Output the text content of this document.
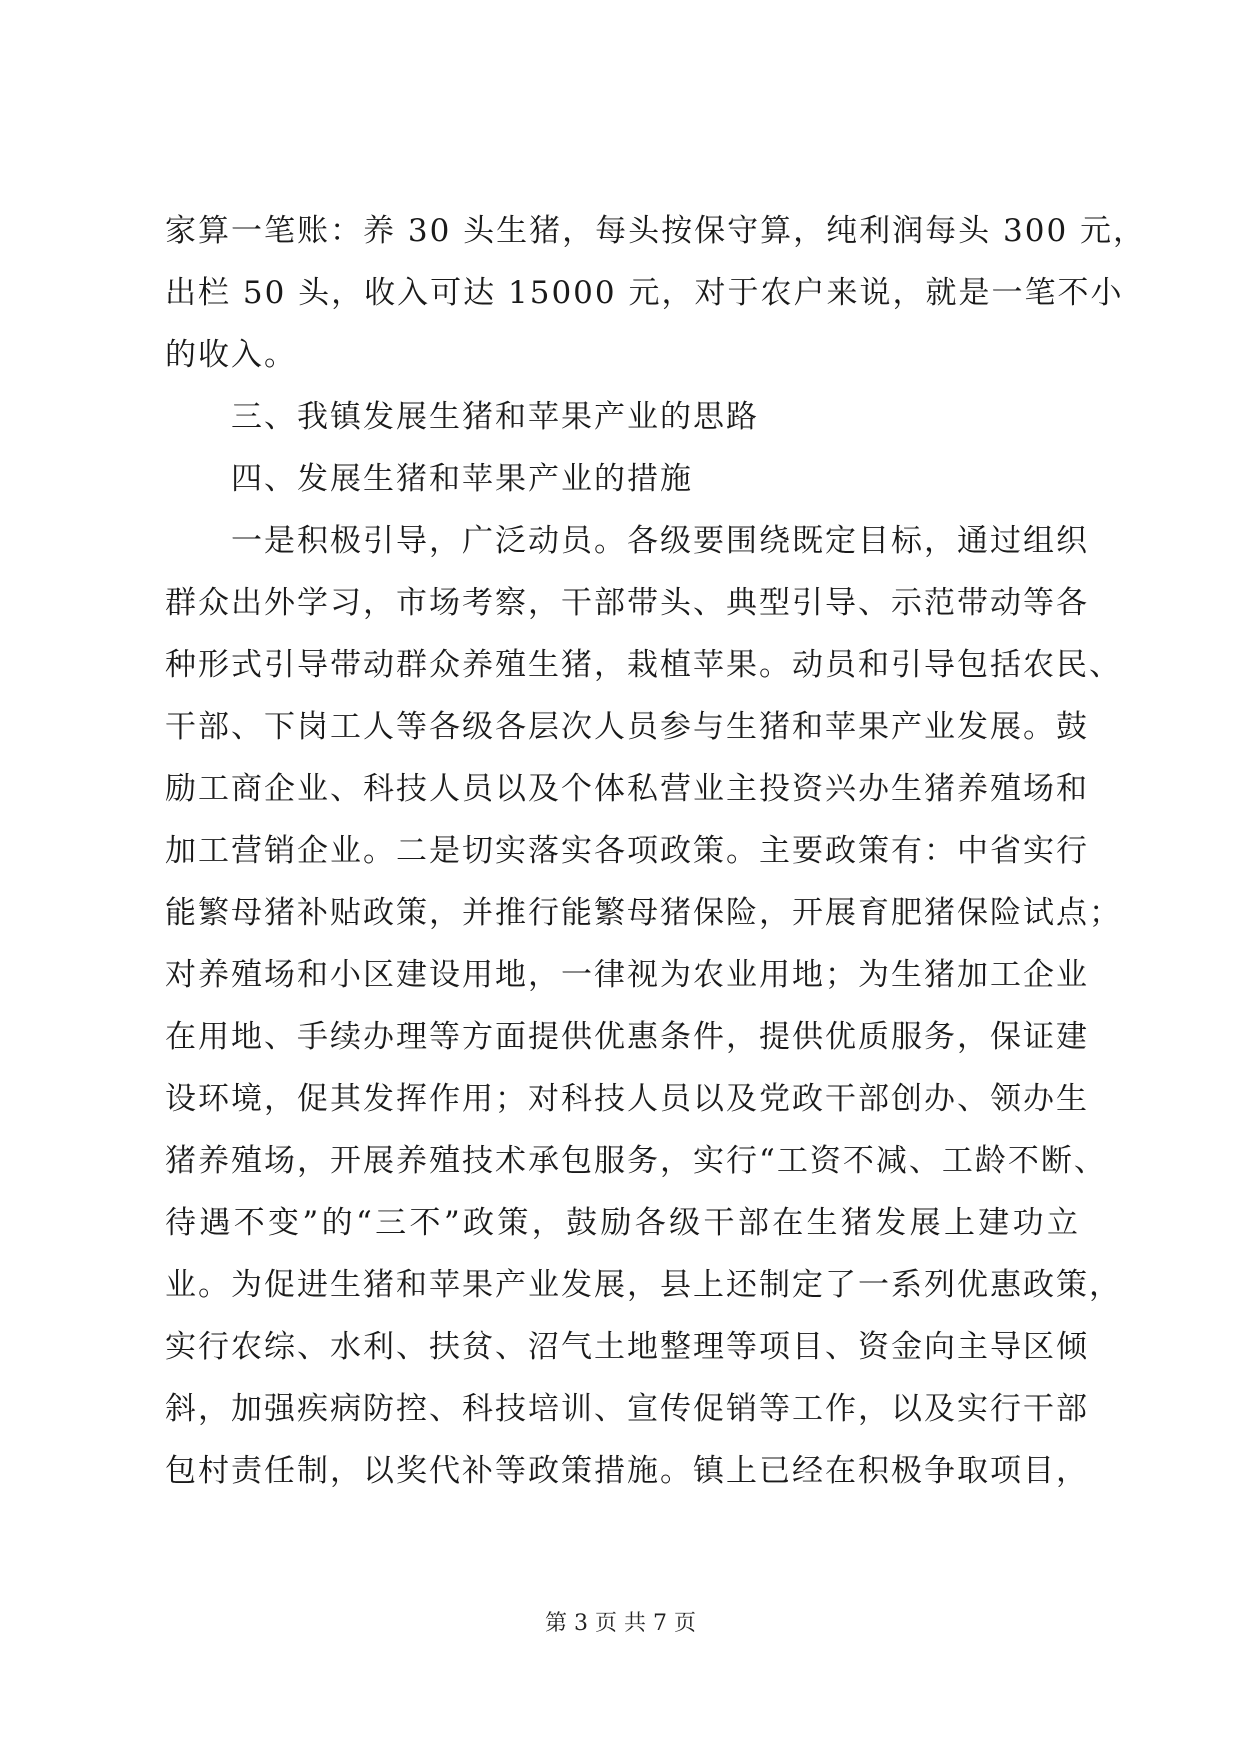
家算一笔账：养 30 头生猪，每头按保守算，纯利润每头 300 元，
出栏 50 头，收入可达 15000 元，对于农户来说，就是一笔不小
的收入。
三、我镇发展生猪和苹果产业的思路
四、发展生猪和苹果产业的措施
一是积极引导，广泛动员。各级要围绕既定目标，通过组织
群众出外学习，市场考察，干部带头、典型引导、示范带动等各
种形式引导带动群众养殖生猪，栽植苹果。动员和引导包括农民、
干部、下岗工人等各级各层次人员参与生猪和苹果产业发展。鼓
励工商企业、科技人员以及个体私营业主投资兴办生猪养殖场和
加工营销企业。二是切实落实各项政策。主要政策有：中省实行
能繁母猪补贴政策，并推行能繁母猪保险，开展育肥猪保险试点；
对养殖场和小区建设用地，一律视为农业用地；为生猪加工企业
在用地、手续办理等方面提供优惠条件，提供优质服务，保证建
设环境，促其发挥作用；对科技人员以及党政干部创办、领办生
猪养殖场，开展养殖技术承包服务，实行“工资不减、工龄不断、
待遇不变”的“三不”政策，鼓励各级干部在生猪发展上建功立
业。为促进生猪和苹果产业发展，县上还制定了一系列优惠政策，
实行农综、水利、扶贫、沼气土地整理等项目、资金向主导区倾
斜，加强疾病防控、科技培训、宣传促销等工作，以及实行干部
包村责任制，以奖代补等政策措施。镇上已经在积极争取项目，
第 3 页 共 7 页
